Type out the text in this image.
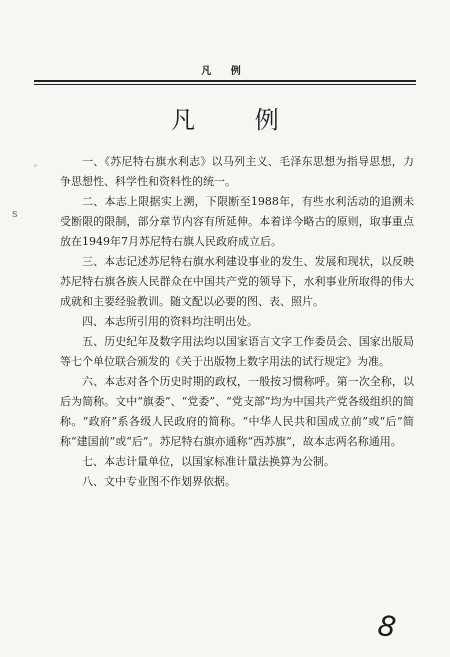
凡 例
凡 例

一、《苏尼特右旗水利志》以马列主义、毛泽东思想为指导思想，力争思想性、科学性和资料性的统一。

二、本志上限据实上溯，下限断至1988年，有些水利活动的追溯未受断限的限制，部分章节内容有所延伸。本着详今略古的原则，取事重点放在1949年7月苏尼特右旗人民政府成立后。

三、本志记述苏尼特右旗水利建设事业的发生、发展和现状，以反映苏尼特右旗各族人民群众在中国共产党的领导下，水利事业所取得的伟大成就和主要经验教训。随文配以必要的图、表、照片。

四、本志所引用的资料均注明出处。

五、历史纪年及数字用法均以国家语言文字工作委员会、国家出版局等七个单位联合颁发的《关于出版物上数字用法的试行规定》为准。

六、本志对各个历史时期的政权，一般按习惯称呼。第一次全称，以后为简称。文中“旗委”、“党委”、“党支部”均为中国共产党各级组织的简称。“政府”系各级人民政府的简称。“中华人民共和国成立前”或“后”简称“建国前”或“后”。苏尼特右旗亦通称“西苏旗”，故本志两名称通用。

七、本志计量单位，以国家标准计量法换算为公制。

八、文中专业图不作划界依据。

。
S
8
